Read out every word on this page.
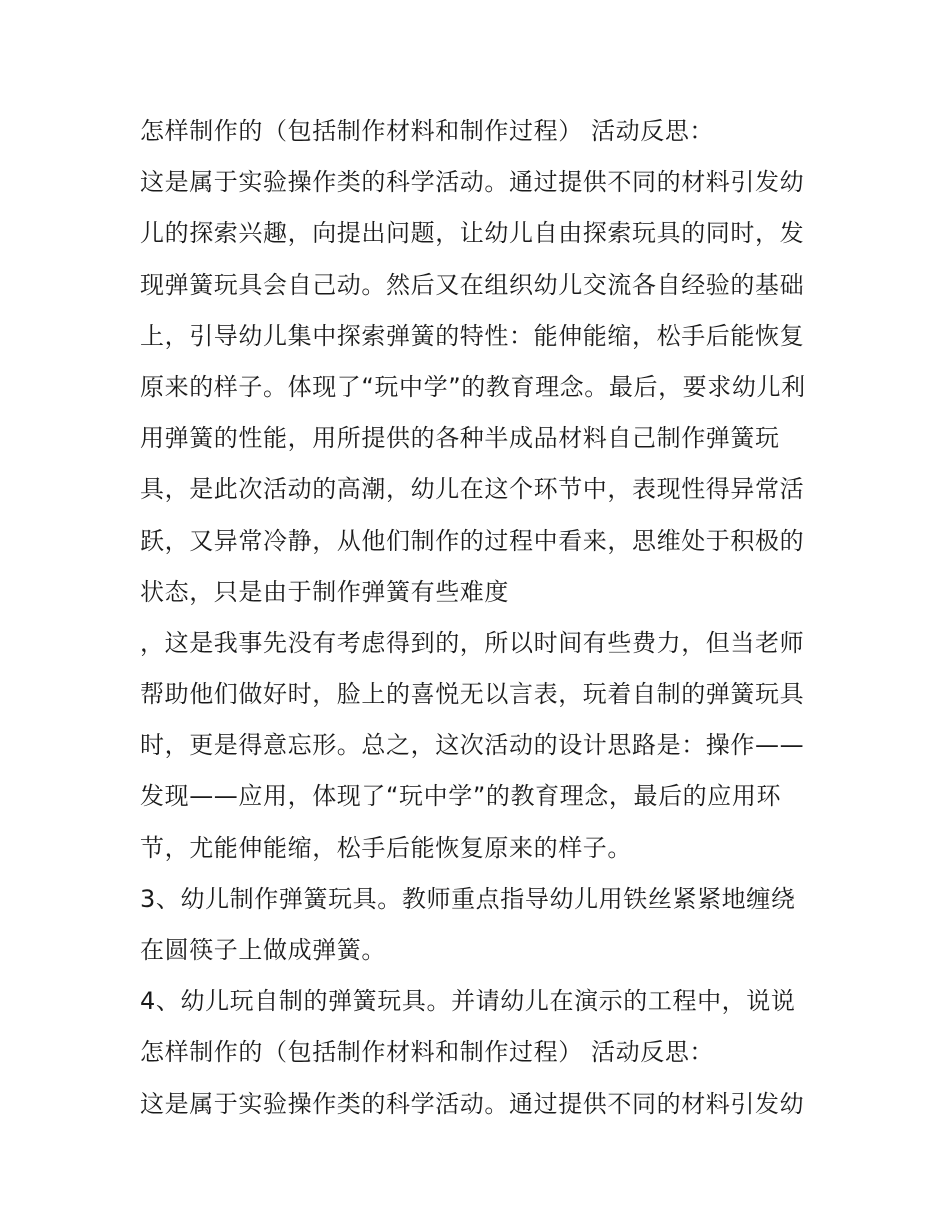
怎样制作的（包括制作材料和制作过程） 活动反思：
这是属于实验操作类的科学活动。通过提供不同的材料引发幼
儿的探索兴趣，向提出问题，让幼儿自由探索玩具的同时，发
现弹簧玩具会自己动。然后又在组织幼儿交流各自经验的基础
上，引导幼儿集中探索弹簧的特性：能伸能缩，松手后能恢复
原来的样子。体现了“玩中学”的教育理念。最后，要求幼儿利
用弹簧的性能，用所提供的各种半成品材料自己制作弹簧玩
具，是此次活动的高潮，幼儿在这个环节中，表现性得异常活
跃，又异常冷静，从他们制作的过程中看来，思维处于积极的
状态，只是由于制作弹簧有些难度
，这是我事先没有考虑得到的，所以时间有些费力，但当老师
帮助他们做好时，脸上的喜悦无以言表，玩着自制的弹簧玩具
时，更是得意忘形。总之，这次活动的设计思路是：操作——
发现——应用，体现了“玩中学”的教育理念，最后的应用环
节，尤能伸能缩，松手后能恢复原来的样子。
3、幼儿制作弹簧玩具。教师重点指导幼儿用铁丝紧紧地缠绕
在圆筷子上做成弹簧。
4、幼儿玩自制的弹簧玩具。并请幼儿在演示的工程中，说说
怎样制作的（包括制作材料和制作过程） 活动反思：
这是属于实验操作类的科学活动。通过提供不同的材料引发幼
